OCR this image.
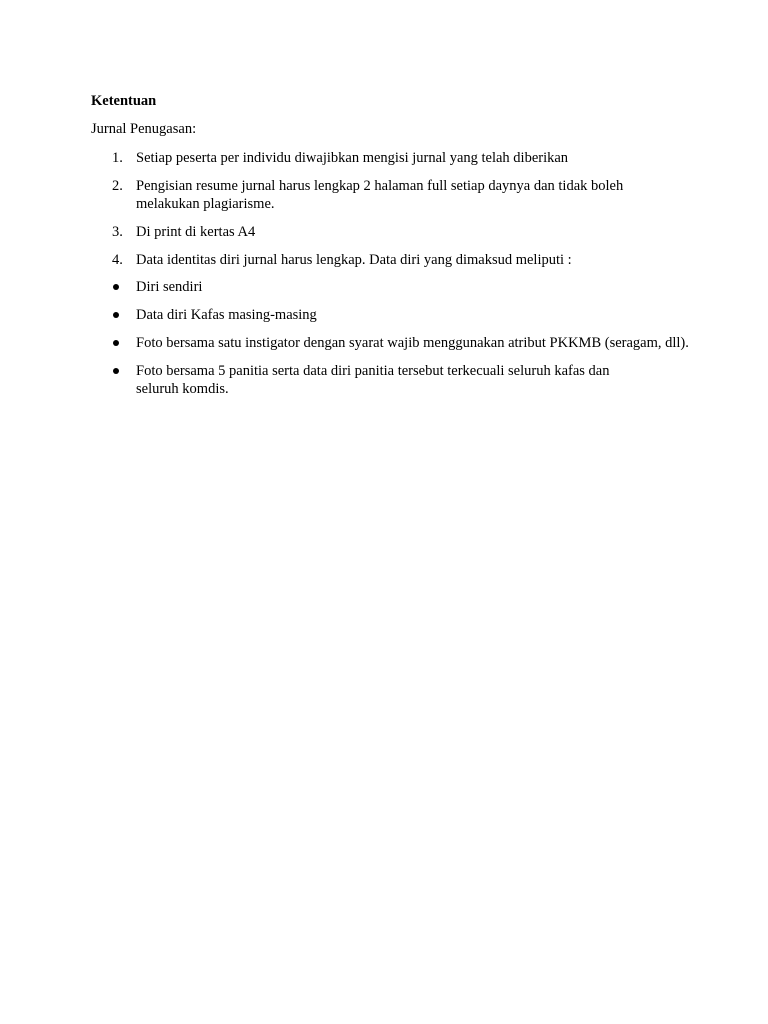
Ketentuan
Jurnal Penugasan:
1. Setiap peserta per individu diwajibkan mengisi jurnal yang telah diberikan
2. Pengisian resume jurnal harus lengkap 2 halaman full setiap daynya dan tidak boleh melakukan plagiarisme.
3. Di print di kertas A4
4. Data identitas diri jurnal harus lengkap. Data diri yang dimaksud meliputi :
Diri sendiri
Data diri Kafas masing-masing
Foto bersama satu instigator dengan syarat wajib menggunakan atribut PKKMB (seragam, dll).
Foto bersama 5 panitia serta data diri panitia tersebut terkecuali seluruh kafas dan seluruh komdis.
